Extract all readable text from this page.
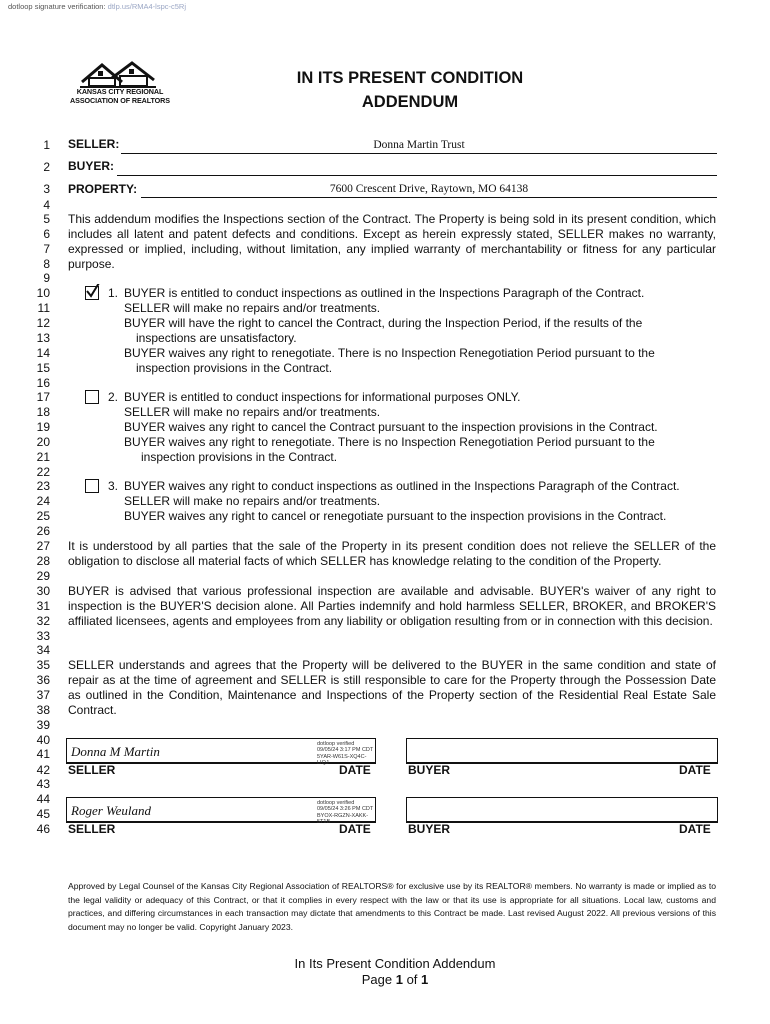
dotloop signature verification: dtlp.us/RMA4-lspc-c5Rj
KANSAS CITY REGIONAL
ASSOCIATION OF REALTORS
IN ITS PRESENT CONDITION
ADDENDUM
1
2
3
4
5
6
7
8
9
10
11
12
13
14
15
16
17
18
19
20
21
22
23
24
25
26
27
28
29
30
31
32
33
34
35
36
37
38
39
40
41
42
43
44
45
46
SELLER:	Donna Martin Trust
BUYER:
PROPERTY:	7600 Crescent Drive, Raytown, MO 64138
This addendum modifies the Inspections section of the Contract. The Property is being sold in its present condition, which includes all latent and patent defects and conditions. Except as herein expressly stated, SELLER makes no warranty, expressed or implied, including, without limitation, any implied warranty of merchantability or fitness for any particular purpose.
1. BUYER is entitled to conduct inspections as outlined in the Inspections Paragraph of the Contract.
SELLER will make no repairs and/or treatments.
BUYER will have the right to cancel the Contract, during the Inspection Period, if the results of the
inspections are unsatisfactory.
BUYER waives any right to renegotiate. There is no Inspection Renegotiation Period pursuant to the
inspection provisions in the Contract.
2. BUYER is entitled to conduct inspections for informational purposes ONLY.
SELLER will make no repairs and/or treatments.
BUYER waives any right to cancel the Contract pursuant to the inspection provisions in the Contract.
BUYER waives any right to renegotiate. There is no Inspection Renegotiation Period pursuant to the
inspection provisions in the Contract.
3. BUYER waives any right to conduct inspections as outlined in the Inspections Paragraph of the Contract.
SELLER will make no repairs and/or treatments.
BUYER waives any right to cancel or renegotiate pursuant to the inspection provisions in the Contract.
It is understood by all parties that the sale of the Property in its present condition does not relieve the SELLER of the obligation to disclose all material facts of which SELLER has knowledge relating to the condition of the Property.
BUYER is advised that various professional inspection are available and advisable. BUYER's waiver of any right to inspection is the BUYER'S decision alone. All Parties indemnify and hold harmless SELLER, BROKER, and BROKER'S affiliated licensees, agents and employees from any liability or obligation resulting from or in connection with this decision.
SELLER understands and agrees that the Property will be delivered to the BUYER in the same condition and state of repair as at the time of agreement and SELLER is still responsible to care for the Property through the Possession Date as outlined in the Condition, Maintenance and Inspections of the Property section of the Residential Real Estate Sale Contract.
Donna M Martin	dotloop verified
09/05/24 3:17 PM CDT
5YAR-W61S-XQ4C-LIQJ
SELLER	DATE	BUYER	DATE
Roger Weuland	dotloop verified
09/05/24 3:26 PM CDT
BYOX-RGZN-XAKK-5T1B
SELLER	DATE	BUYER	DATE
Approved by Legal Counsel of the Kansas City Regional Association of REALTORS® for exclusive use by its REALTOR® members. No warranty is made or implied as to the legal validity or adequacy of this Contract, or that it complies in every respect with the law or that its use is appropriate for all situations. Local law, customs and practices, and differing circumstances in each transaction may dictate that amendments to this Contract be made. Last revised August 2022. All previous versions of this document may no longer be valid. Copyright January 2023.
In Its Present Condition Addendum
Page 1 of 1
